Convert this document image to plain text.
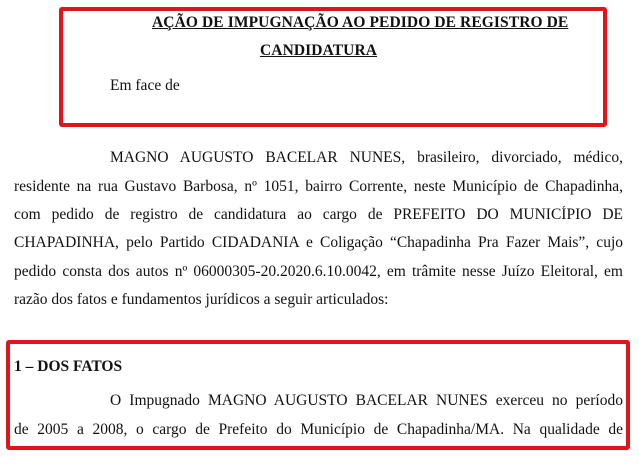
AÇÃO DE IMPUGNAÇÃO AO PEDIDO DE REGISTRO DE
CANDIDATURA
Em face de
MAGNO AUGUSTO BACELAR NUNES, brasileiro, divorciado, médico,
residente na rua Gustavo Barbosa, nº 1051, bairro Corrente, neste Município de Chapadinha,
com pedido de registro de candidatura ao cargo de PREFEITO DO MUNICÍPIO DE
CHAPADINHA, pelo Partido CIDADANIA e Coligação “Chapadinha Pra Fazer Mais”, cujo
pedido consta dos autos nº 06000305-20.2020.6.10.0042, em trâmite nesse Juízo Eleitoral, em
razão dos fatos e fundamentos jurídicos a seguir articulados:
1 – DOS FATOS
O Impugnado MAGNO AUGUSTO BACELAR NUNES exerceu no período
de 2005 a 2008, o cargo de Prefeito do Município de Chapadinha/MA. Na qualidade de
